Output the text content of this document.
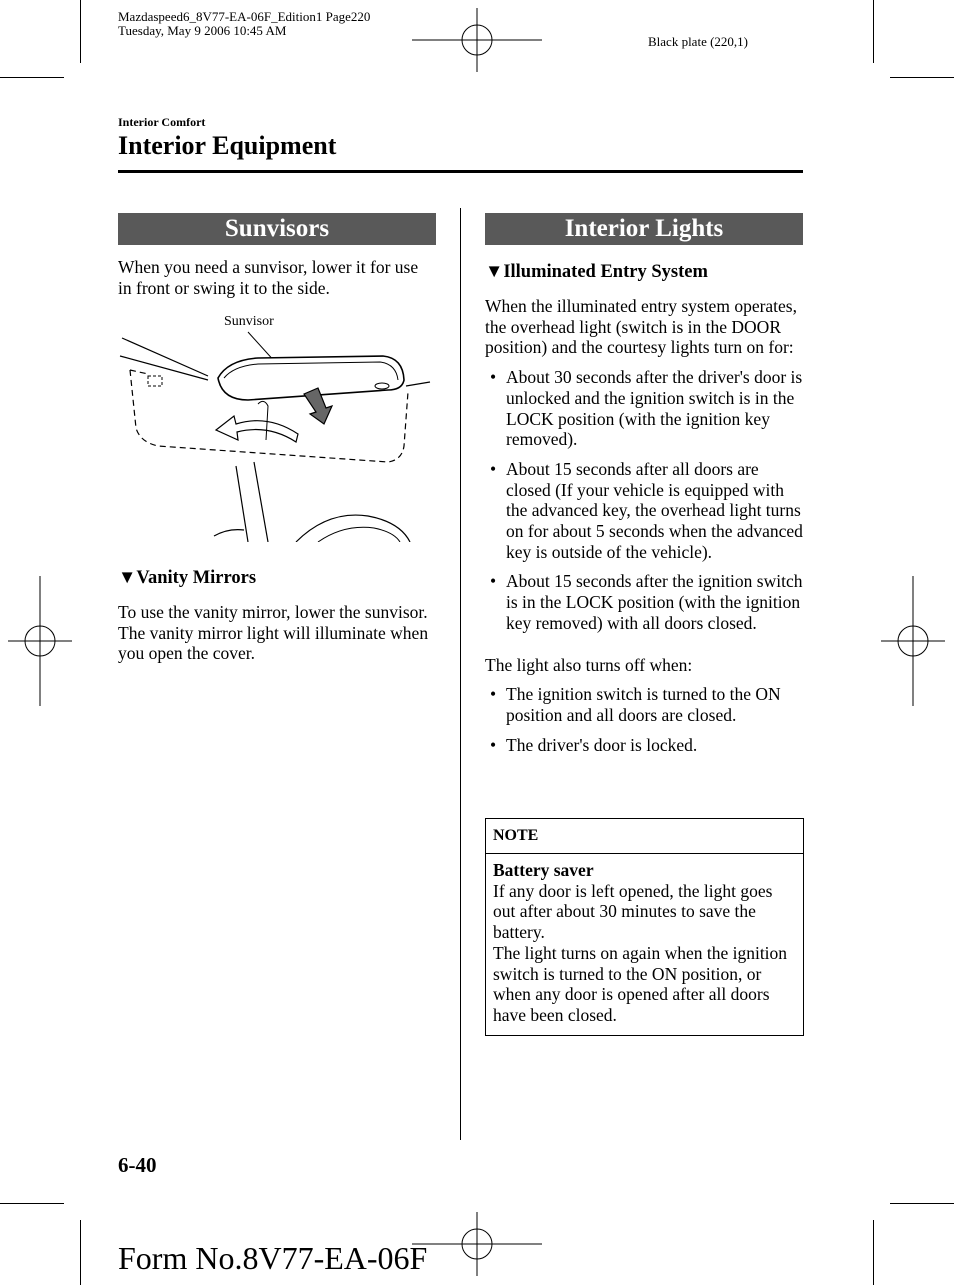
Mazdaspeed6_8V77-EA-06F_Edition1 Page220
Tuesday, May 9 2006 10:45 AM
Black plate (220,1)
Interior Comfort
Interior Equipment
Sunvisors
When you need a sunvisor, lower it for use in front or swing it to the side.
Sunvisor
▼Vanity Mirrors
To use the vanity mirror, lower the sunvisor.
The vanity mirror light will illuminate when you open the cover.
Interior Lights
▼Illuminated Entry System
When the illuminated entry system operates, the overhead light (switch is in the DOOR position) and the courtesy lights turn on for:
• About 30 seconds after the driver's door is unlocked and the ignition switch is in the LOCK position (with the ignition key removed).
• About 15 seconds after all doors are closed (If your vehicle is equipped with the advanced key, the overhead light turns on for about 5 seconds when the advanced key is outside of the vehicle).
• About 15 seconds after the ignition switch is in the LOCK position (with the ignition key removed) with all doors closed.
The light also turns off when:
• The ignition switch is turned to the ON position and all doors are closed.
• The driver's door is locked.
NOTE
Battery saver
If any door is left opened, the light goes out after about 30 minutes to save the battery.
The light turns on again when the ignition switch is turned to the ON position, or when any door is opened after all doors have been closed.
6-40
Form No.8V77-EA-06F
